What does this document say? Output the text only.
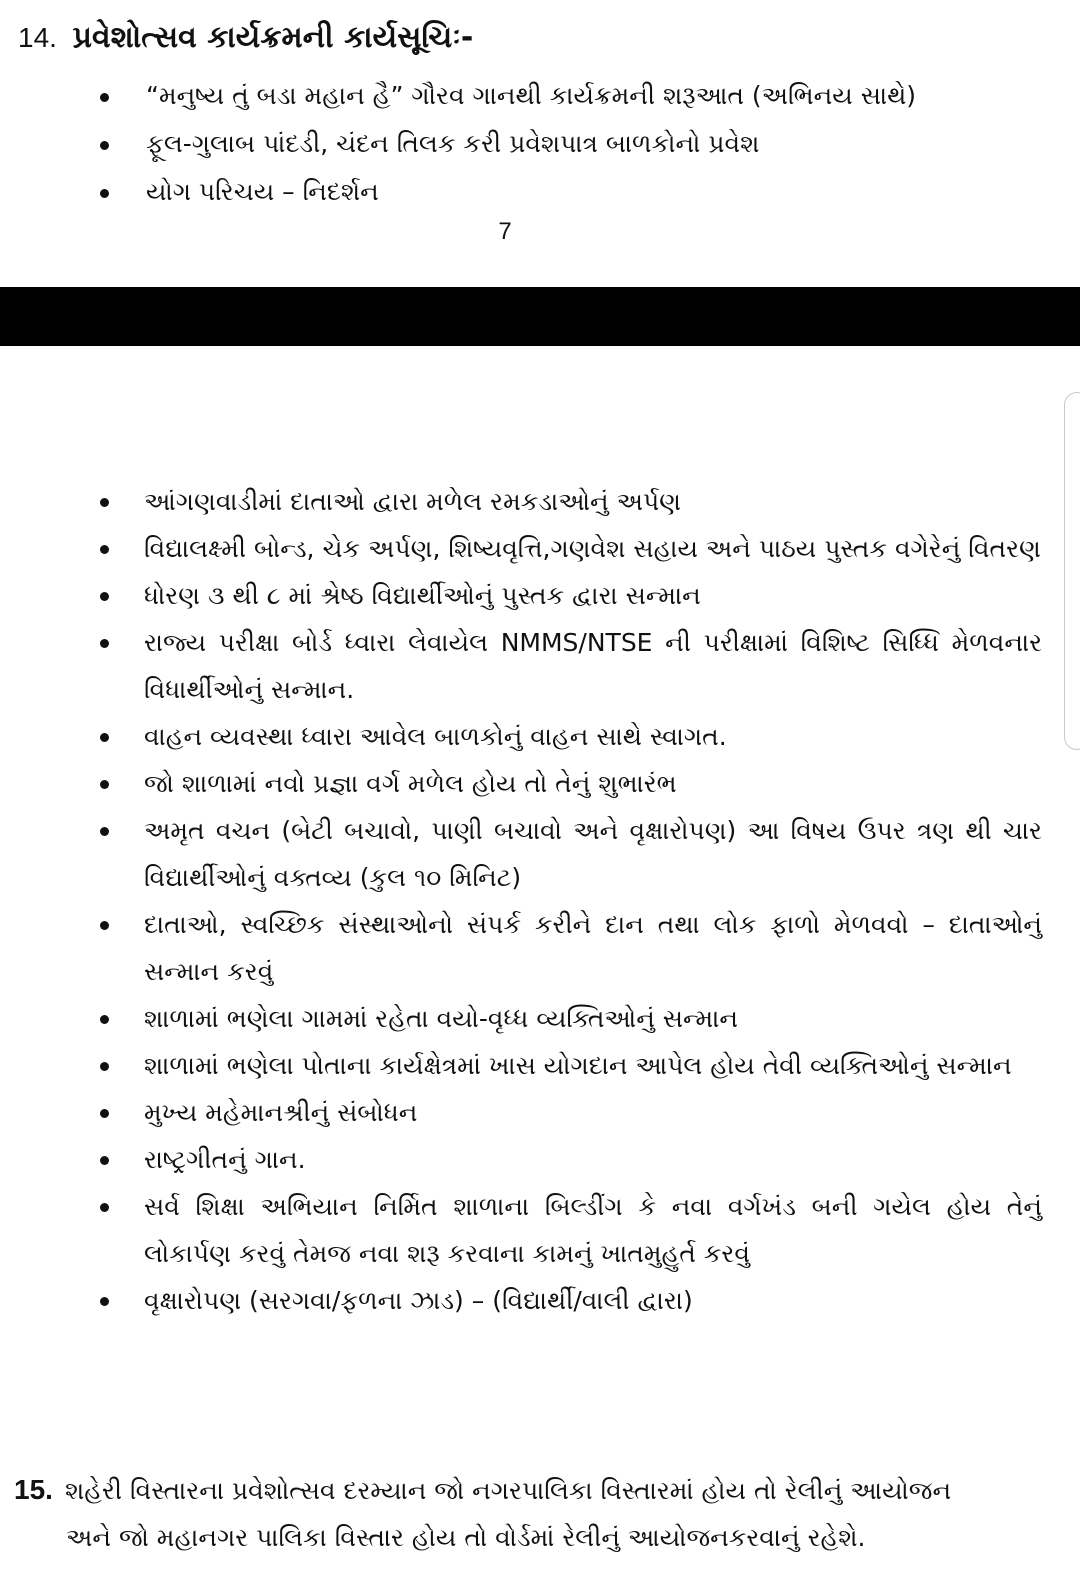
14. પ્રવેશોત્સવ કાર્યક્રમની કાર્યસૂચિઃ-
“મનુષ્ય તું બડા મહાન હૈ” ગૌરવ ગાનથી કાર્યક્રમની શરૂઆત (અભિનય સાથે)
ફૂલ-ગુલાબ પાંદડી, ચંદન તિલક કરી પ્રવેશપાત્ર બાળકોનો પ્રવેશ
યોગ પરિચય – નિદર્શન
7
આંગણવાડીમાં દાતાઓ દ્વારા મળેલ રમકડાઓનું અર્પણ
વિદ્યાલક્ષ્મી બોન્ડ, ચેક અર્પણ, શિષ્યવૃત્તિ,ગણવેશ સહાય અને પાઠય પુસ્તક વગેરેનું વિતરણ
ધોરણ ૩ થી ૮ માં શ્રેષ્ઠ વિદ્યાર્થીઓનું પુસ્તક દ્વારા સન્માન
રાજ્ય પરીક્ષા બોર્ડ ધ્વારા લેવાયેલ NMMS/NTSE ની પરીક્ષામાં વિશિષ્ટ સિધ્ધિ મેળવનાર વિધાર્થીઓનું સન્માન.
વાહન વ્યવસ્થા ધ્વારા આવેલ બાળકોનું વાહન સાથે સ્વાગત.
જો શાળામાં નવો પ્રજ્ઞા વર્ગ મળેલ હોય તો તેનું શુભારંભ
અમૃત વચન (બેટી બચાવો, પાણી બચાવો અને વૃક્ષારોપણ) આ વિષય ઉપર ત્રણ થી ચાર વિદ્યાર્થીઓનું વક્તવ્ય (કુલ ૧૦ મિનિટ)
દાતાઓ, સ્વચ્છિક સંસ્થાઓનો સંપર્ક કરીને દાન તથા લોક ફાળો મેળવવો – દાતાઓનું સન્માન કરવું
શાળામાં ભણેલા ગામમાં રહેતા વયો-વૃધ્ધ વ્યક્તિઓનું સન્માન
શાળામાં ભણેલા પોતાના કાર્યક્ષેત્રમાં ખાસ યોગદાન આપેલ હોય તેવી વ્યક્તિઓનું સન્માન
મુખ્ય મહેમાનશ્રીનું સંબોધન
રાષ્ટ્રગીતનું ગાન.
સર્વ શિક્ષા અભિયાન નિર્મિત શાળાના બિલ્ડીંગ કે નવા વર્ગખંડ બની ગયેલ હોય તેનું લોકાર્પણ કરવું તેમજ નવા શરૂ કરવાના કામનું ખાતમુહુર્ત કરવું
વૃક્ષારોપણ (સરગવા/ફળના ઝાડ) – (વિદ્યાર્થી/વાલી દ્વારા)
15. શહેરી વિસ્તારના પ્રવેશોત્સવ દરમ્યાન જો નગરપાલિકા વિસ્તારમાં હોય તો રેલીનું આયોજન
અને જો મહાનગર પાલિકા વિસ્તાર હોય તો વોર્ડમાં રેલીનું આયોજનકરવાનું રહેશે.
